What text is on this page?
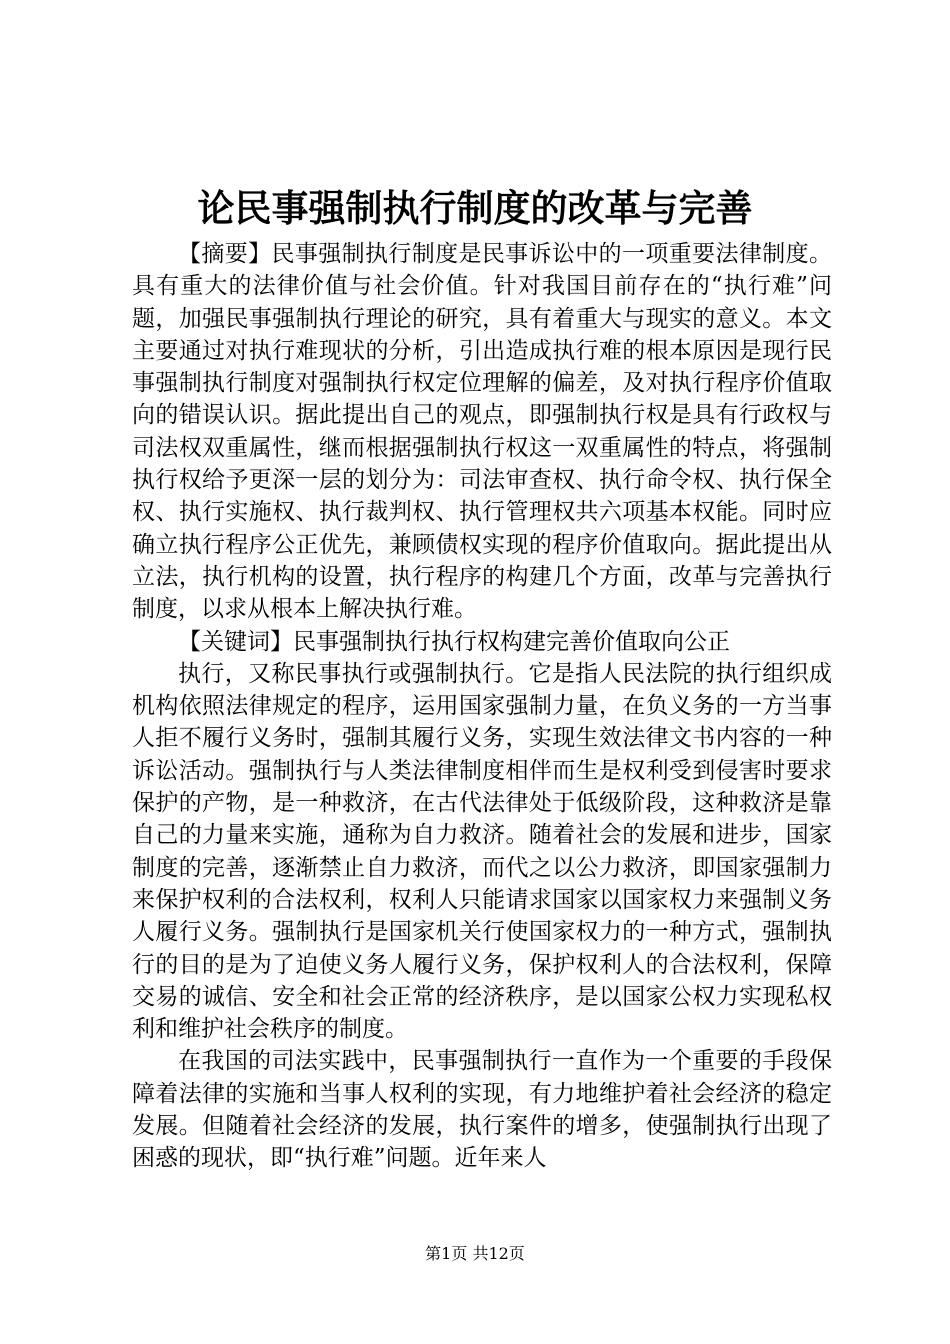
论民事强制执行制度的改革与完善

【摘要】民事强制执行制度是民事诉讼中的一项重要法律制度。具有重大的法律价值与社会价值。针对我国目前存在的“执行难”问题，加强民事强制执行理论的研究，具有着重大与现实的意义。本文主要通过对执行难现状的分析，引出造成执行难的根本原因是现行民事强制执行制度对强制执行权定位理解的偏差，及对执行程序价值取向的错误认识。据此提出自己的观点，即强制执行权是具有行政权与司法权双重属性，继而根据强制执行权这一双重属性的特点，将强制执行权给予更深一层的划分为：司法审查权、执行命令权、执行保全权、执行实施权、执行裁判权、执行管理权共六项基本权能。同时应确立执行程序公正优先，兼顾债权实现的程序价值取向。据此提出从立法，执行机构的设置，执行程序的构建几个方面，改革与完善执行制度，以求从根本上解决执行难。

【关键词】民事强制执行执行权构建完善价值取向公正

执行，又称民事执行或强制执行。它是指人民法院的执行组织成机构依照法律规定的程序，运用国家强制力量，在负义务的一方当事人拒不履行义务时，强制其履行义务，实现生效法律文书内容的一种诉讼活动。强制执行与人类法律制度相伴而生是权利受到侵害时要求保护的产物，是一种救济，在古代法律处于低级阶段，这种救济是靠自己的力量来实施，通称为自力救济。随着社会的发展和进步，国家制度的完善，逐渐禁止自力救济，而代之以公力救济，即国家强制力来保护权利的合法权利，权利人只能请求国家以国家权力来强制义务人履行义务。强制执行是国家机关行使国家权力的一种方式，强制执行的目的是为了迫使义务人履行义务，保护权利人的合法权利，保障交易的诚信、安全和社会正常的经济秩序，是以国家公权力实现私权利和维护社会秩序的制度。

在我国的司法实践中，民事强制执行一直作为一个重要的手段保障着法律的实施和当事人权利的实现，有力地维护着社会经济的稳定发展。但随着社会经济的发展，执行案件的增多，使强制执行出现了困惑的现状，即“执行难”问题。近年来人

第1页 共12页
